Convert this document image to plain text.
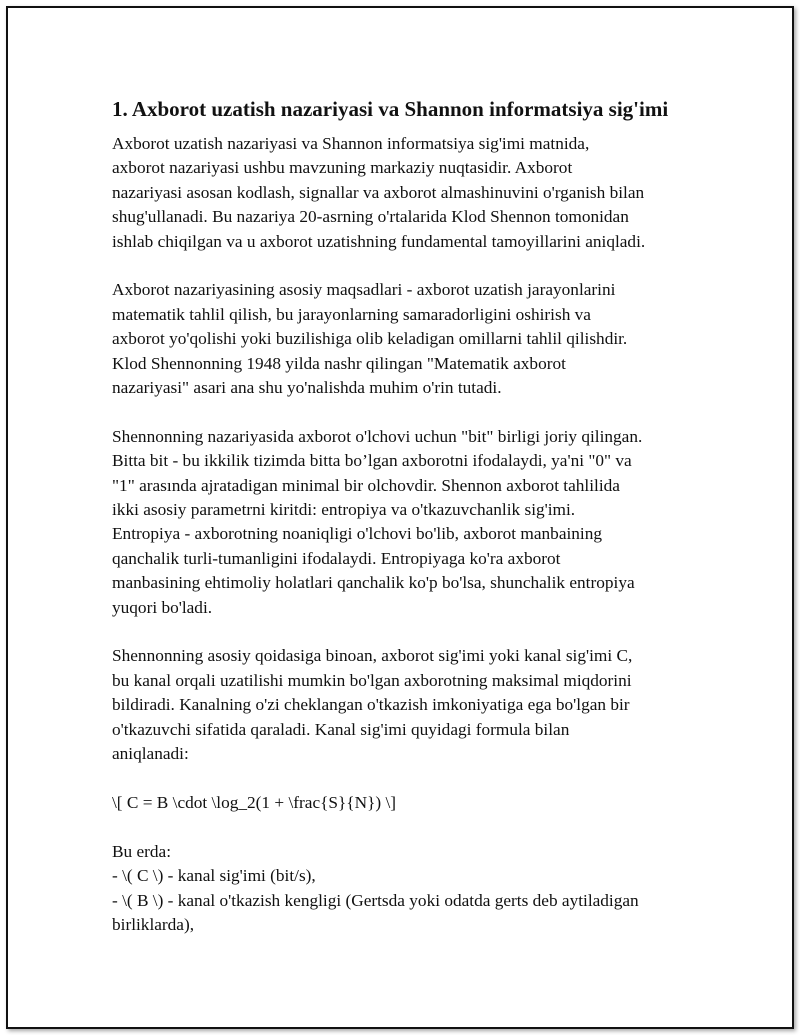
1. Axborot uzatish nazariyasi va Shannon informatsiya sig'imi
Axborot uzatish nazariyasi va Shannon informatsiya sig'imi matnida,
axborot nazariyasi ushbu mavzuning markaziy nuqtasidir. Axborot
nazariyasi asosan kodlash, signallar va axborot almashinuvini o'rganish bilan
shug'ullanadi. Bu nazariya 20-asrning o'rtalarida Klod Shennon tomonidan
ishlab chiqilgan va u axborot uzatishning fundamental tamoyillarini aniqladi.
Axborot nazariyasining asosiy maqsadlari - axborot uzatish jarayonlarini
matematik tahlil qilish, bu jarayonlarning samaradorligini oshirish va
axborot yo'qolishi yoki buzilishiga olib keladigan omillarni tahlil qilishdir.
Klod Shennonning 1948 yilda nashr qilingan "Matematik axborot
nazariyasi" asari ana shu yo'nalishda muhim o'rin tutadi.
Shennonning nazariyasida axborot o'lchovi uchun "bit" birligi joriy qilingan.
Bitta bit - bu ikkilik tizimda bitta bo’lgan axborotni ifodalaydi, ya'ni "0" va
"1" arasında ajratadigan minimal bir olchovdir. Shennon axborot tahlilida
ikki asosiy parametrni kiritdi: entropiya va o'tkazuvchanlik sig'imi.
Entropiya - axborotning noaniqligi o'lchovi bo'lib, axborot manbaining
qanchalik turli-tumanligini ifodalaydi. Entropiyaga ko'ra axborot
manbasining ehtimoliy holatlari qanchalik ko'p bo'lsa, shunchalik entropiya
yuqori bo'ladi.
Shennonning asosiy qoidasiga binoan, axborot sig'imi yoki kanal sig'imi C,
bu kanal orqali uzatilishi mumkin bo'lgan axborotning maksimal miqdorini
bildiradi. Kanalning o'zi cheklangan o'tkazish imkoniyatiga ega bo'lgan bir
o'tkazuvchi sifatida qaraladi. Kanal sig'imi quyidagi formula bilan
aniqlanadi:
\[ C = B \cdot \log_2(1 + \frac{S}{N}) \]
Bu erda:
- \( C \) - kanal sig'imi (bit/s),
- \( B \) - kanal o'tkazish kengligi (Gertsda yoki odatda gerts deb aytiladigan
birliklarda),
